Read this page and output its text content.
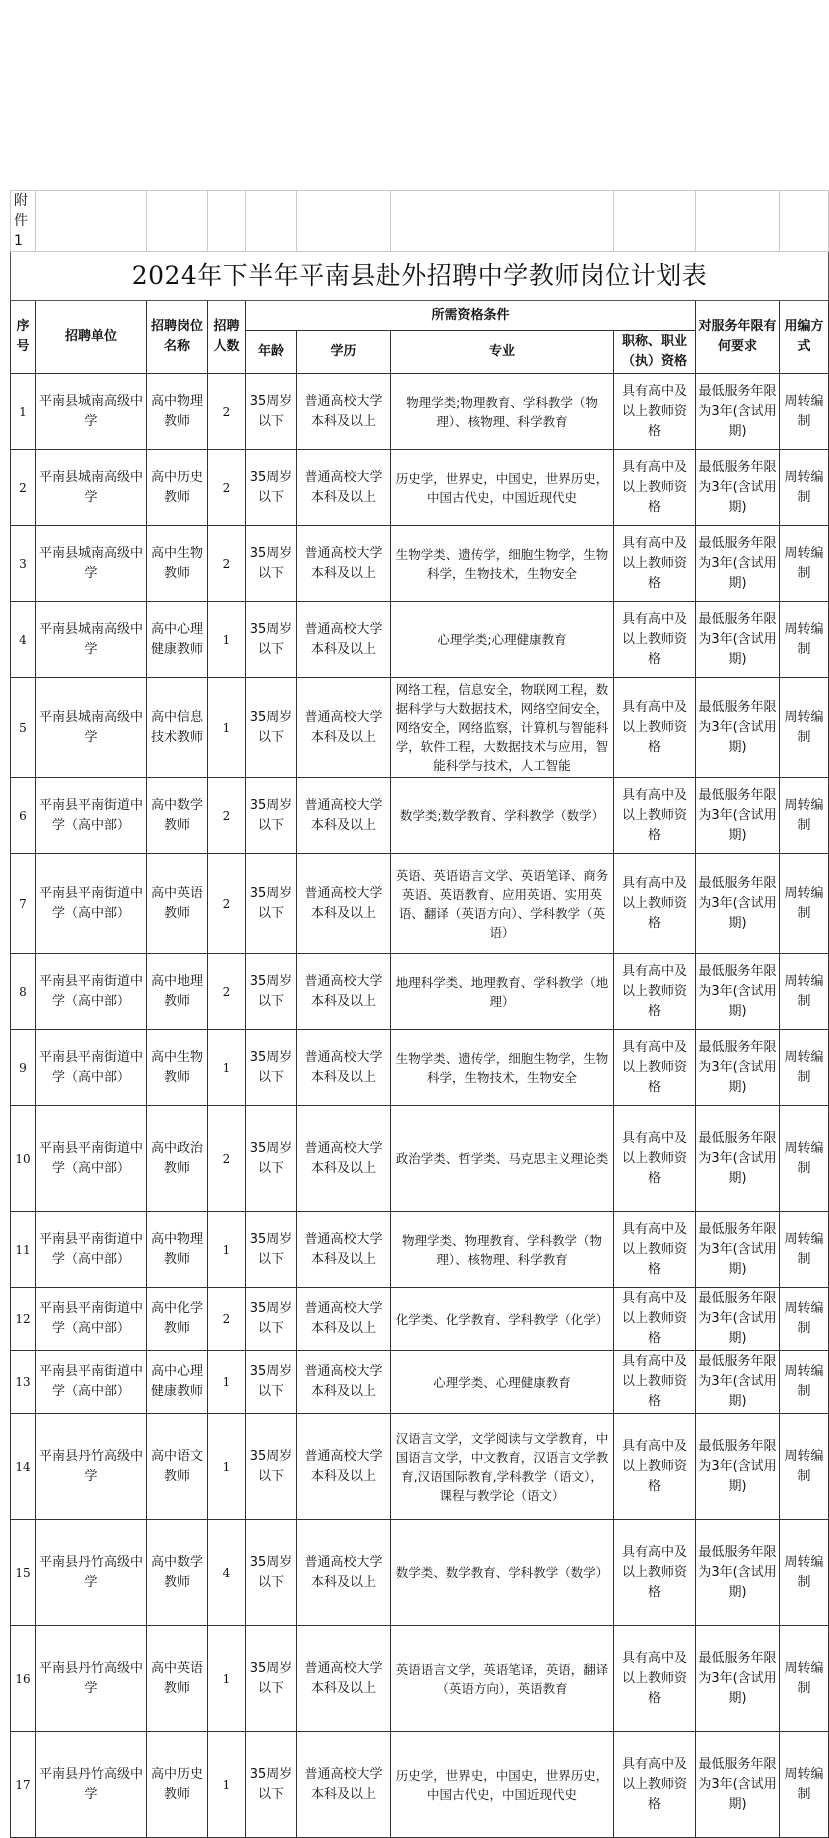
附件1									
2024年下半年平南县赴外招聘中学教师岗位计划表									
序号	招聘单位	招聘岗位名称	招聘人数	所需资格条件				对服务年限有何要求	用编方式
				年龄	学历	专业	职称、职业（执）资格		
1	平南县城南高级中学	高中物理教师	2	35周岁以下	普通高校大学本科及以上	物理学类;物理教育、学科教学（物理）、核物理、科学教育	具有高中及以上教师资格	最低服务年限为3年(含试用期)	周转编制
2	平南县城南高级中学	高中历史教师	2	35周岁以下	普通高校大学本科及以上	历史学，世界史，中国史，世界历史，中国古代史，中国近现代史	具有高中及以上教师资格	最低服务年限为3年(含试用期)	周转编制
3	平南县城南高级中学	高中生物教师	2	35周岁以下	普通高校大学本科及以上	生物学类、遗传学，细胞生物学，生物科学，生物技术，生物安全	具有高中及以上教师资格	最低服务年限为3年(含试用期)	周转编制
4	平南县城南高级中学	高中心理健康教师	1	35周岁以下	普通高校大学本科及以上	心理学类;心理健康教育	具有高中及以上教师资格	最低服务年限为3年(含试用期)	周转编制
5	平南县城南高级中学	高中信息技术教师	1	35周岁以下	普通高校大学本科及以上	网络工程，信息安全，物联网工程，数据科学与大数据技术，网络空间安全，网络安全，网络监察，计算机与智能科学，软件工程，大数据技术与应用，智能科学与技术，人工智能	具有高中及以上教师资格	最低服务年限为3年(含试用期)	周转编制
6	平南县平南街道中学（高中部）	高中数学教师	2	35周岁以下	普通高校大学本科及以上	数学类;数学教育、学科教学（数学）	具有高中及以上教师资格	最低服务年限为3年(含试用期)	周转编制
7	平南县平南街道中学（高中部）	高中英语教师	2	35周岁以下	普通高校大学本科及以上	英语、英语语言文学、英语笔译、商务英语、英语教育、应用英语、实用英语、翻译（英语方向）、学科教学（英语）	具有高中及以上教师资格	最低服务年限为3年(含试用期)	周转编制
8	平南县平南街道中学（高中部）	高中地理教师	2	35周岁以下	普通高校大学本科及以上	地理科学类、地理教育、学科教学（地理）	具有高中及以上教师资格	最低服务年限为3年(含试用期)	周转编制
9	平南县平南街道中学（高中部）	高中生物教师	1	35周岁以下	普通高校大学本科及以上	生物学类、遗传学，细胞生物学，生物科学，生物技术，生物安全	具有高中及以上教师资格	最低服务年限为3年(含试用期)	周转编制
10	平南县平南街道中学（高中部）	高中政治教师	2	35周岁以下	普通高校大学本科及以上	政治学类、哲学类、马克思主义理论类	具有高中及以上教师资格	最低服务年限为3年(含试用期)	周转编制
11	平南县平南街道中学（高中部）	高中物理教师	1	35周岁以下	普通高校大学本科及以上	物理学类、物理教育、学科教学（物理）、核物理、科学教育	具有高中及以上教师资格	最低服务年限为3年(含试用期)	周转编制
12	平南县平南街道中学（高中部）	高中化学教师	2	35周岁以下	普通高校大学本科及以上	化学类、化学教育、学科教学（化学）	具有高中及以上教师资格	最低服务年限为3年(含试用期)	周转编制
13	平南县平南街道中学（高中部）	高中心理健康教师	1	35周岁以下	普通高校大学本科及以上	心理学类、心理健康教育	具有高中及以上教师资格	最低服务年限为3年(含试用期)	周转编制
14	平南县丹竹高级中学	高中语文教师	1	35周岁以下	普通高校大学本科及以上	汉语言文学，文学阅读与文学教育，中国语言文学，中文教育，汉语言文学教育,汉语国际教育,学科教学（语文），课程与教学论（语文）	具有高中及以上教师资格	最低服务年限为3年(含试用期)	周转编制
15	平南县丹竹高级中学	高中数学教师	4	35周岁以下	普通高校大学本科及以上	数学类、数学教育、学科教学（数学）	具有高中及以上教师资格	最低服务年限为3年(含试用期)	周转编制
16	平南县丹竹高级中学	高中英语教师	1	35周岁以下	普通高校大学本科及以上	英语语言文学，英语笔译，英语，翻译（英语方向），英语教育	具有高中及以上教师资格	最低服务年限为3年(含试用期)	周转编制
17	平南县丹竹高级中学	高中历史教师	1	35周岁以下	普通高校大学本科及以上	历史学，世界史，中国史，世界历史，中国古代史，中国近现代史	具有高中及以上教师资格	最低服务年限为3年(含试用期)	周转编制
